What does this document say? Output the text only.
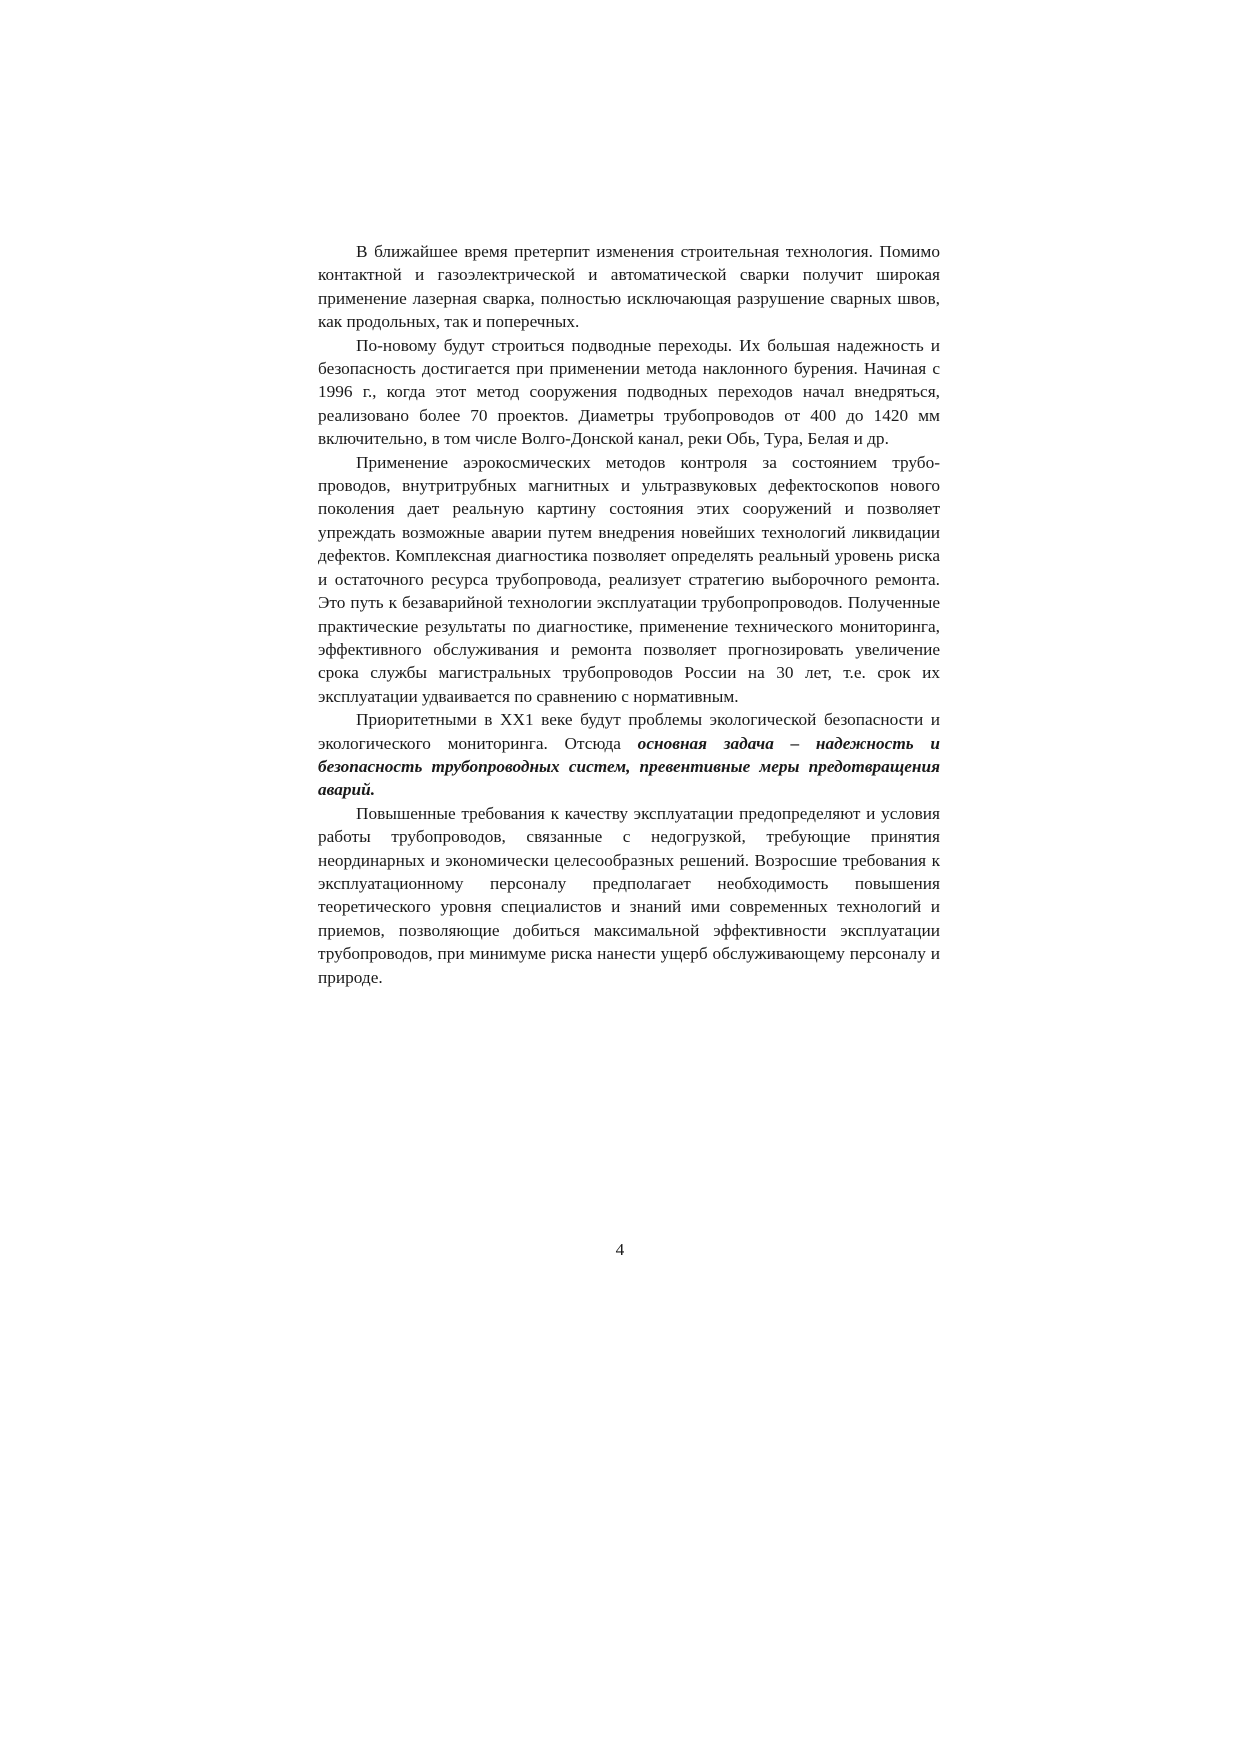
В ближайшее время претерпит изменения строительная технология. Помимо контактной и газоэлектрической и автоматической сварки получит широкая применение лазерная сварка, полностью исключающая разрушение сварных швов, как продольных, так и поперечных.

По-новому будут строиться подводные переходы. Их большая надежность и безопасность достигается при применении метода наклонного бурения. Начиная с 1996 г., когда этот метод сооружения подводных переходов начал внедряться, реализовано более 70 проектов. Диаметры трубопроводов от 400 до 1420 мм включительно, в том числе Волго-Донской канал, реки Обь, Тура, Белая и др.

Применение аэрокосмических методов контроля за состоянием трубопроводов, внутритрубных магнитных и ультразвуковых дефектоскопов нового поколения дает реальную картину состояния этих сооружений и позволяет упреждать возможные аварии путем внедрения новейших технологий ликвидации дефектов. Комплексная диагностика позволяет определять реальный уровень риска и остаточного ресурса трубопровода, реализует стратегию выборочного ремонта. Это путь к безаварийной технологии эксплуатации трубопропроводов. Полученные практические результаты по диагностике, применение технического мониторинга, эффективного обслуживания и ремонта позволяет прогнозировать увеличение срока службы магистральных трубопроводов России на 30 лет, т.е. срок их эксплуатации удваивается по сравнению с нормативным.

Приоритетными в ХХ1 веке будут проблемы экологической безопасности и экологического мониторинга. Отсюда основная задача – надежность и безопасность трубопроводных систем, превентивные меры предотвращения аварий.

Повышенные требования к качеству эксплуатации предопределяют и условия работы трубопроводов, связанные с недогрузкой, требующие принятия неординарных и экономически целесообразных решений. Возросшие требования к эксплуатационному персоналу предполагает необходимость повышения теоретического уровня специалистов и знаний ими современных технологий и приемов, позволяющие добиться максимальной эффективности эксплуатации трубопроводов, при минимуме риска нанести ущерб обслуживающему персоналу и природе.

4
